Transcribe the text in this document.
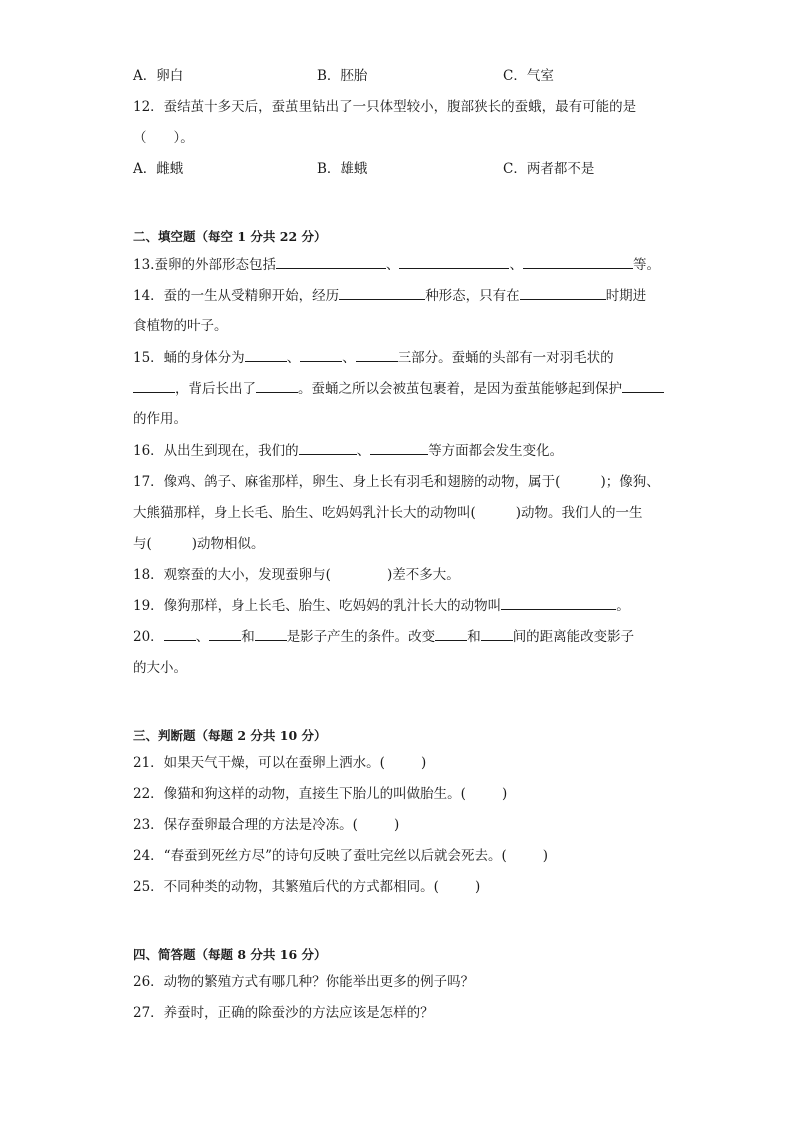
A．卵白	B．胚胎	C．气室
12．蚕结茧十多天后，蚕茧里钻出了一只体型较小，腹部狭长的蚕蛾，最有可能的是
（　　）。
A．雌蛾	B．雄蛾	C．两者都不是
二、填空题（每空 1 分共 22 分）
13.蚕卵的外部形态包括	、	、	等。
14．蚕的一生从受精卵开始，经历	种形态，只有在	时期进
食植物的叶子。
15．蛹的身体分为	、	、	三部分。蚕蛹的头部有一对羽毛状的
，背后长出了	。蚕蛹之所以会被茧包裹着，是因为蚕茧能够起到保护
的作用。
16．从出生到现在，我们的	、	等方面都会发生变化。
17．像鸡、鸽子、麻雀那样，卵生、身上长有羽毛和翅膀的动物，属于(	)；像狗、
大熊猫那样，身上长毛、胎生、吃妈妈乳汁长大的动物叫(	)动物。我们人的一生
与(	)动物相似。
18．观察蚕的大小，发现蚕卵与(	)差不多大。
19．像狗那样，身上长毛、胎生、吃妈妈的乳汁长大的动物叫	。
20． 、 和 是影子产生的条件。改变 和 间的距离能改变影子
的大小。
三、判断题（每题 2 分共 10 分）
21．如果天气干燥，可以在蚕卵上洒水。(	)
22．像猫和狗这样的动物，直接生下胎儿的叫做胎生。(	)
23．保存蚕卵最合理的方法是冷冻。(	)
24．“春蚕到死丝方尽”的诗句反映了蚕吐完丝以后就会死去。(	)
25．不同种类的动物，其繁殖后代的方式都相同。(	)
四、简答题（每题 8 分共 16 分）
26．动物的繁殖方式有哪几种？你能举出更多的例子吗？
27．养蚕时，正确的除蚕沙的方法应该是怎样的？
